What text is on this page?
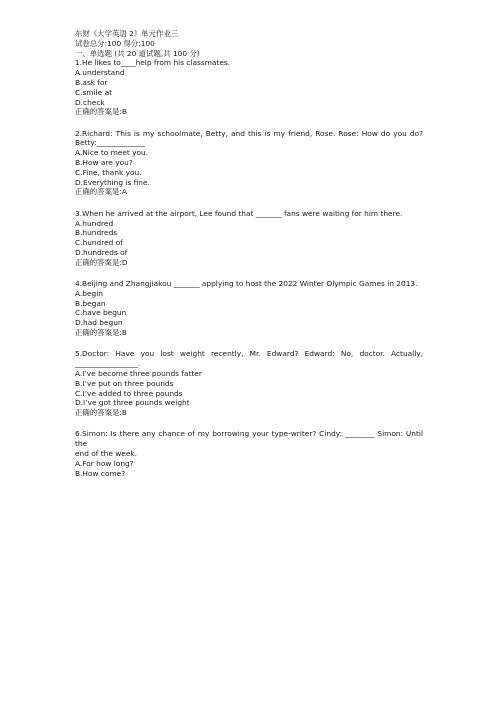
东财《大学英语 2》单元作业三
试卷总分:100 得分:100
一、单选题 (共 20 道试题,共 100 分)
1.He likes to____help from his classmates.
A.understand
B.ask for
C.smile at
D.check
正确的答案是:B
2.Richard: This is my schoolmate, Betty, and this is my friend, Rose. Rose: How do you do?
Betty:_____________
A.Nice to meet you.
B.How are you?
C.Fine, thank you.
D.Everything is fine.
正确的答案是:A
3.When he arrived at the airport, Lee found that _______ fans were waiting for him there.
A.hundred
B.hundreds
C.hundred of
D.hundreds of
正确的答案是:D
4.Beijing and Zhangjiakou _______ applying to host the 2022 Winter Olympic Games in 2013.
A.begin
B.began
C.have begun
D.had begun
正确的答案是:B
5.Doctor: Have you lost weight recently, Mr. Edward? Edward: No, doctor. Actually,
_________________.
A.I’ve become three pounds fatter
B.I’ve put on three pounds
C.I’ve added to three pounds
D.I’ve got three pounds weight
正确的答案是:B
6.Simon: Is there any chance of my borrowing your type-writer? Cindy: ________ Simon: Until the
end of the week.
A.For how long?
B.How come?
